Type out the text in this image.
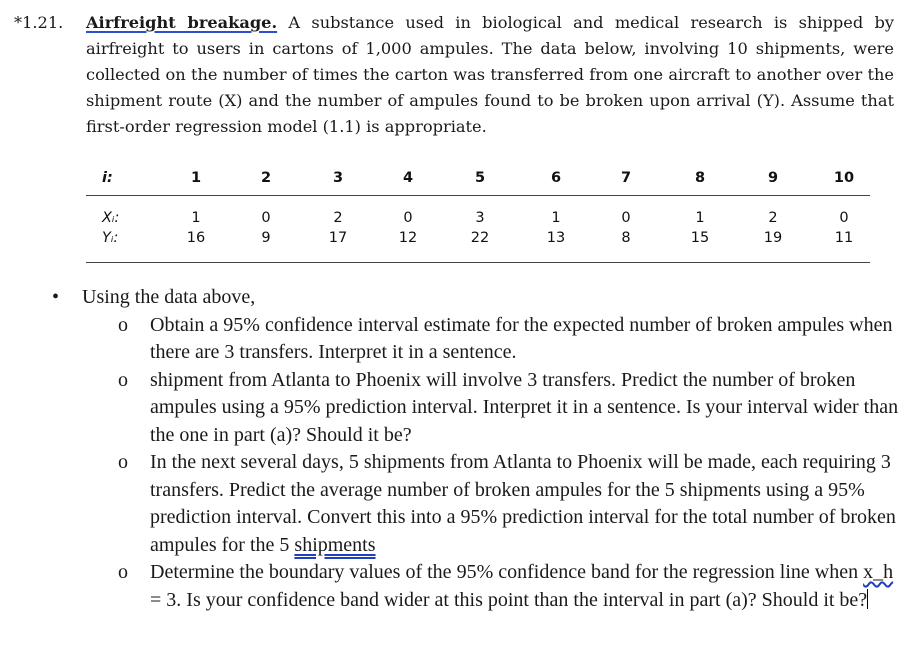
*1.21. Airfreight breakage. A substance used in biological and medical research is shipped by airfreight to users in cartons of 1,000 ampules. The data below, involving 10 shipments, were collected on the number of times the carton was transferred from one aircraft to another over the shipment route (X) and the number of ampules found to be broken upon arrival (Y). Assume that first-order regression model (1.1) is appropriate.
i:	1	2	3	4	5	6	7	8	9	10
Xᵢ:	1	0	2	0	3	1	0	1	2	0
Yᵢ:	16	9	17	12	22	13	8	15	19	11
• Using the data above,
o Obtain a 95% confidence interval estimate for the expected number of broken ampules when there are 3 transfers. Interpret it in a sentence.
o shipment from Atlanta to Phoenix will involve 3 transfers. Predict the number of broken ampules using a 95% prediction interval. Interpret it in a sentence. Is your interval wider than the one in part (a)? Should it be?
o In the next several days, 5 shipments from Atlanta to Phoenix will be made, each requiring 3 transfers. Predict the average number of broken ampules for the 5 shipments using a 95% prediction interval. Convert this into a 95% prediction interval for the total number of broken ampules for the 5 shipments
o Determine the boundary values of the 95% confidence band for the regression line when x_h = 3. Is your confidence band wider at this point than the interval in part (a)? Should it be?
